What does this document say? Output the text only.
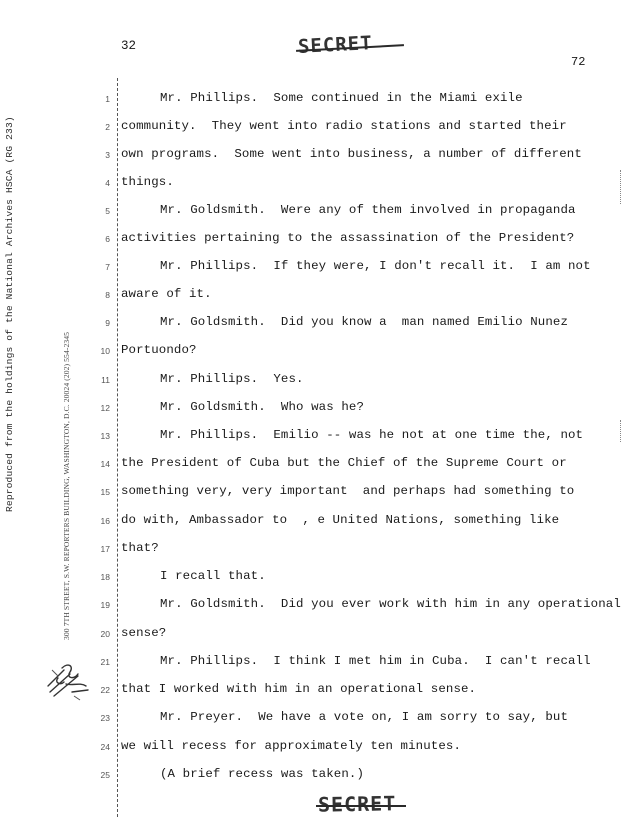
Reproduced from the holdings of the National Archives HSCA (RG 233)	300 7TH STREET, S.W. REPORTERS BUILDING, WASHINGTON, D.C. 20024 (202) 554-2345
32
72
SECRET
1	Mr. Phillips.  Some continued in the Miami exile
2 community.  They went into radio stations and started their
3 own programs.  Some went into business, a number of different
4 things.
5	Mr. Goldsmith.  Were any of them involved in propaganda
6 activities pertaining to the assassination of the President?
7	Mr. Phillips.  If they were, I don't recall it.  I am not
8 aware of it.
9	Mr. Goldsmith.  Did you know a  man named Emilio Nunez
10 Portuondo?
11	Mr. Phillips.  Yes.
12	Mr. Goldsmith.  Who was he?
13	Mr. Phillips.  Emilio -- was he not at one time the, not
14 the President of Cuba but the Chief of the Supreme Court or
15 something very, very important  and perhaps had something to
16 do with, Ambassador to  , e United Nations, something like
17 that?
18	I recall that.
19	Mr. Goldsmith.  Did you ever work with him in any operational
20 sense?
21	Mr. Phillips.  I think I met him in Cuba.  I can't recall
22 that I worked with him in an operational sense.
23	Mr. Preyer.  We have a vote on, I am sorry to say, but
24 we will recess for approximately ten minutes.
25	(A brief recess was taken.)
SECRET
